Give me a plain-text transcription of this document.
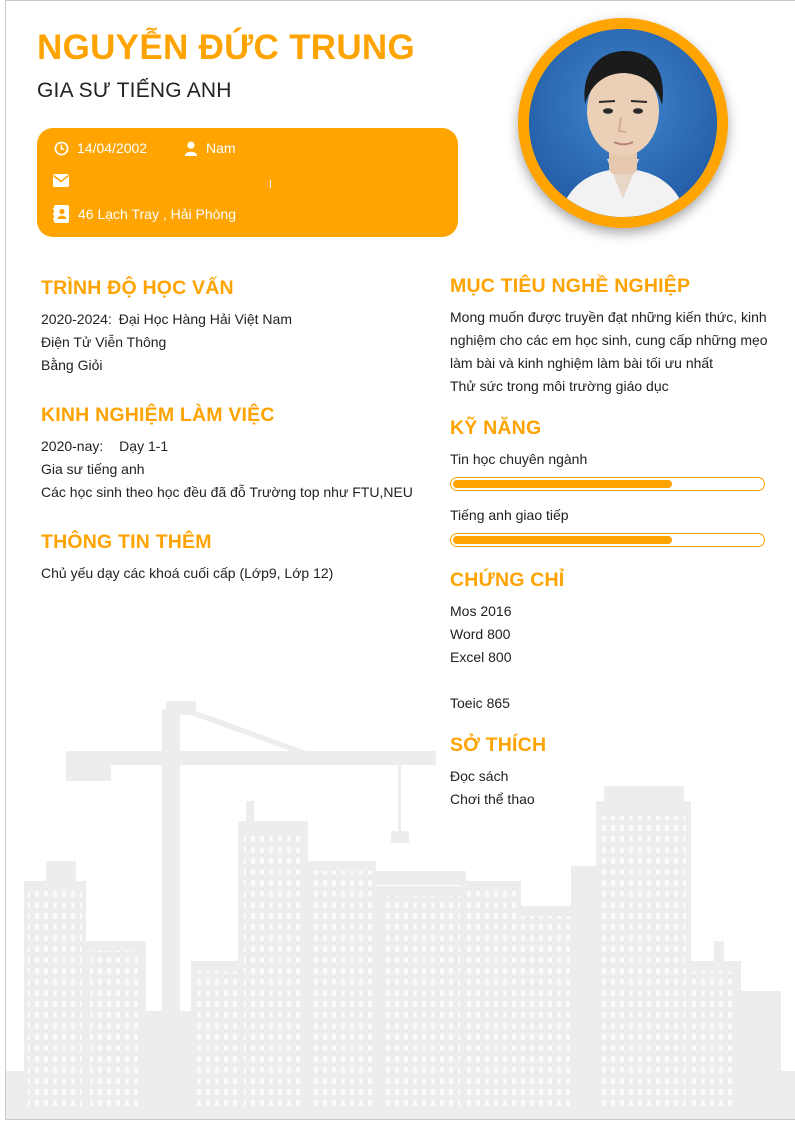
NGUYỄN ĐỨC TRUNG
GIA SƯ TIẾNG ANH
14/04/2002	Nam
46 Lạch Tray , Hải Phòng
TRÌNH ĐỘ HỌC VẤN
2020-2024: Đại Học Hàng Hải Việt Nam
Điện Tử Viễn Thông
Bằng Giỏi
KINH NGHIỆM LÀM VIỆC
2020-nay: Dạy 1-1
Gia sư tiếng anh
Các học sinh theo học đều đã đỗ Trường top như FTU,NEU
THÔNG TIN THÊM
Chủ yếu dạy các khoá cuối cấp (Lớp9, Lớp 12)
MỤC TIÊU NGHỀ NGHIỆP
Mong muốn được truyền đạt những kiến thức, kinh
nghiệm cho các em học sinh, cung cấp những mẹo
làm bài và kinh nghiệm làm bài tối ưu nhất
Thử sức trong môi trường giáo dục
KỸ NĂNG
Tin học chuyên ngành
Tiếng anh giao tiếp
CHỨNG CHỈ
Mos 2016
Word 800
Excel 800
Toeic 865
SỞ THÍCH
Đọc sách
Chơi thể thao
